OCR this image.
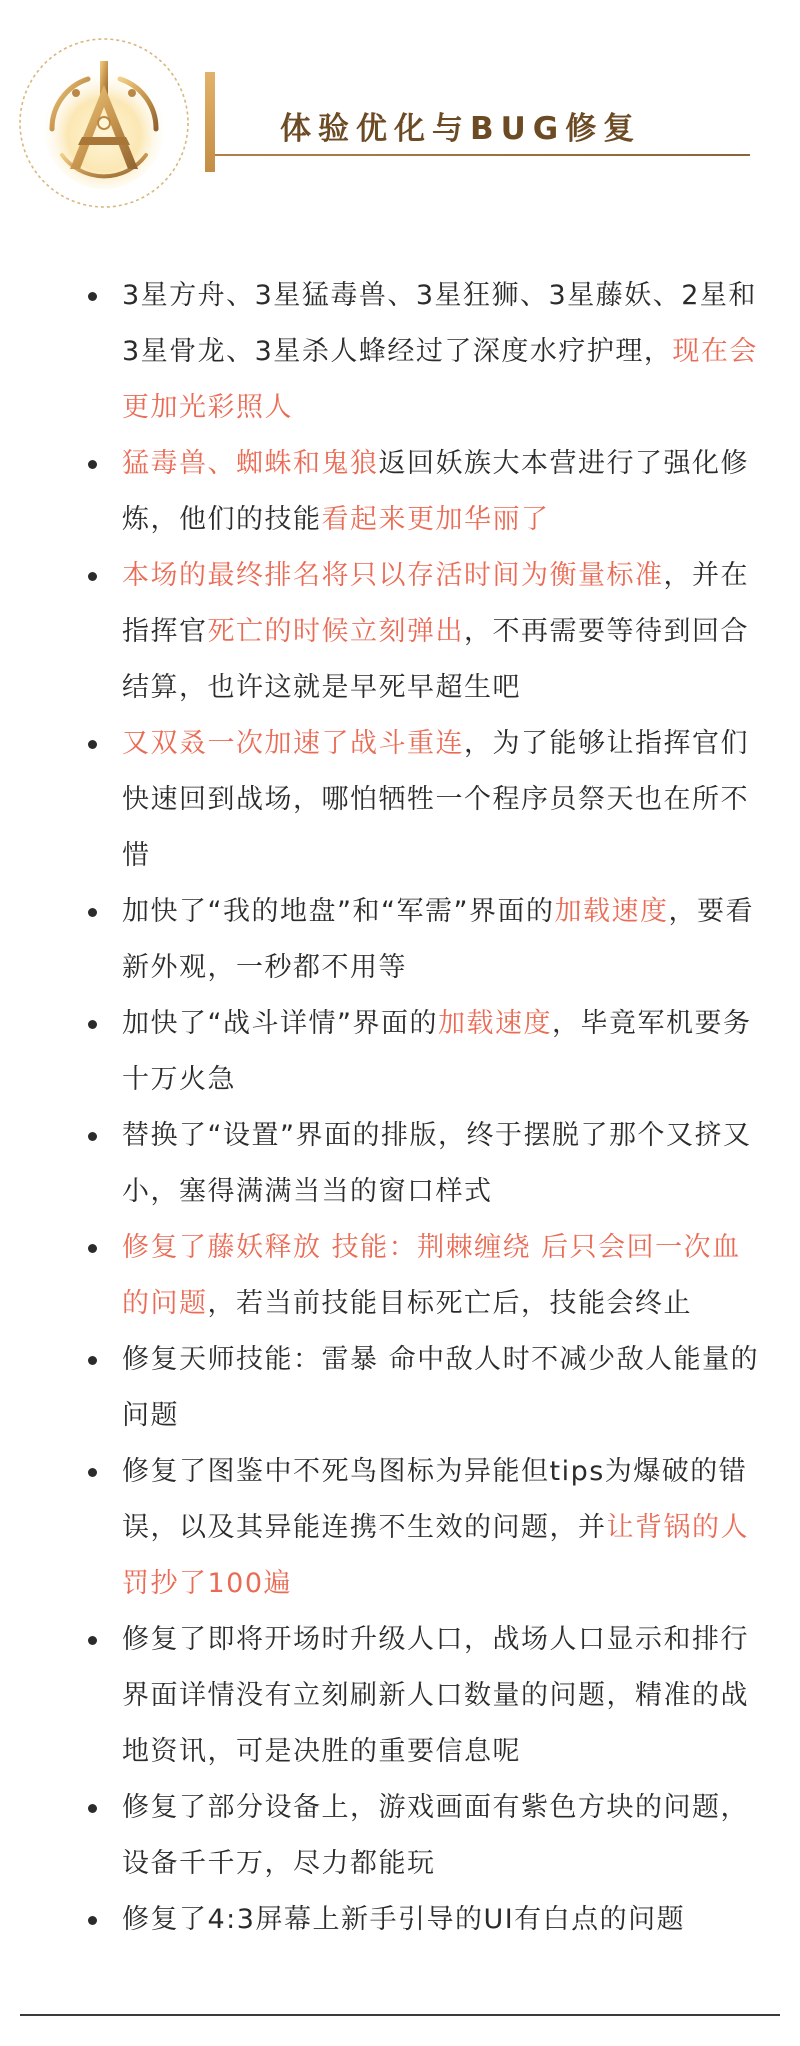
体验优化与BUG修复
3星方舟、3星猛毒兽、3星狂狮、3星藤妖、2星和3星骨龙、3星杀人蜂经过了深度水疗护理，现在会更加光彩照人
猛毒兽、蜘蛛和鬼狼返回妖族大本营进行了强化修炼，他们的技能看起来更加华丽了
本场的最终排名将只以存活时间为衡量标准，并在指挥官死亡的时候立刻弹出，不再需要等待到回合结算，也许这就是早死早超生吧
又双叒一次加速了战斗重连，为了能够让指挥官们快速回到战场，哪怕牺牲一个程序员祭天也在所不惜
加快了“我的地盘”和“军需”界面的加载速度，要看新外观，一秒都不用等
加快了“战斗详情”界面的加载速度，毕竟军机要务十万火急
替换了“设置”界面的排版，终于摆脱了那个又挤又小，塞得满满当当的窗口样式
修复了藤妖释放 技能：荆棘缠绕 后只会回一次血的问题，若当前技能目标死亡后，技能会终止
修复天师技能：雷暴 命中敌人时不减少敌人能量的问题
修复了图鉴中不死鸟图标为异能但tips为爆破的错误，以及其异能连携不生效的问题，并让背锅的人罚抄了100遍
修复了即将开场时升级人口，战场人口显示和排行界面详情没有立刻刷新人口数量的问题，精准的战地资讯，可是决胜的重要信息呢
修复了部分设备上，游戏画面有紫色方块的问题，设备千千万，尽力都能玩
修复了4:3屏幕上新手引导的UI有白点的问题
